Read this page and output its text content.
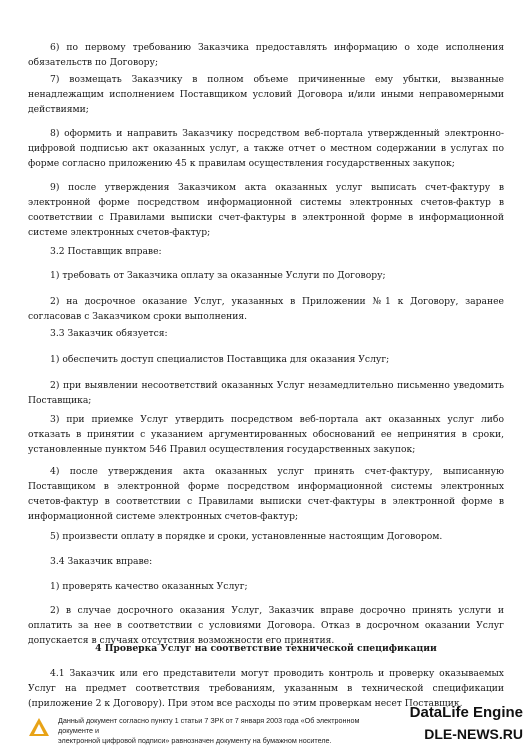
6) по первому требованию Заказчика предоставлять информацию о ходе исполнения обязательств по Договору;

7) возмещать Заказчику в полном объеме причиненные ему убытки, вызванные ненадлежащим исполнением Поставщиком условий Договора и/или иными неправомерными действиями;

8) оформить и направить Заказчику посредством веб-портала утвержденный электронно-цифровой подписью акт оказанных услуг, а также отчет о местном содержании в услугах по форме согласно приложению 45 к правилам осуществления государственных закупок;

9) после утверждения Заказчиком акта оказанных услуг выписать счет-фактуру в электронной форме посредством информационной системы электронных счетов-фактур в соответствии с Правилами выписки счет-фактуры в электронной форме в информационной системе электронных счетов-фактур;

3.2 Поставщик вправе:

1) требовать от Заказчика оплату за оказанные Услуги по Договору;

2) на досрочное оказание Услуг, указанных в Приложении №1 к Договору, заранее согласовав с Заказчиком сроки выполнения.

3.3 Заказчик обязуется:

1) обеспечить доступ специалистов Поставщика для оказания Услуг;

2) при выявлении несоответствий оказанных Услуг незамедлительно письменно уведомить Поставщика;

3) при приемке Услуг утвердить посредством веб-портала акт оказанных услуг либо отказать в принятии с указанием аргументированных обоснований ее непринятия в сроки, установленные пунктом 546 Правил осуществления государственных закупок;

4) после утверждения акта оказанных услуг принять счет-фактуру, выписанную Поставщиком в электронной форме посредством информационной системы электронных счетов-фактур в соответствии с Правилами выписки счет-фактуры в электронной форме в информационной системе электронных счетов-фактур;

5) произвести оплату в порядке и сроки, установленные настоящим Договором.

3.4 Заказчик вправе:

1) проверять качество оказанных Услуг;

2) в случае досрочного оказания Услуг, Заказчик вправе досрочно принять услуги и оплатить за нее в соответствии с условиями Договора. Отказ в досрочном оказании Услуг допускается в случаях отсутствия возможности его принятия.

4 Проверка Услуг на соответствие технической спецификации

4.1 Заказчик или его представители могут проводить контроль и проверку оказываемых Услуг на предмет соответствия требованиям, указанным в технической спецификации (приложение 2 к Договору). При этом все расходы по этим проверкам несет Поставщик.

Данный документ согласно пункту 1 статьи 7 ЗРК от 7 января 2003 года «Об электронном документе и
электронной цифровой подписи» равнозначен документу на бумажном носителе.
DataLife Engine
DLE-NEWS.RU
